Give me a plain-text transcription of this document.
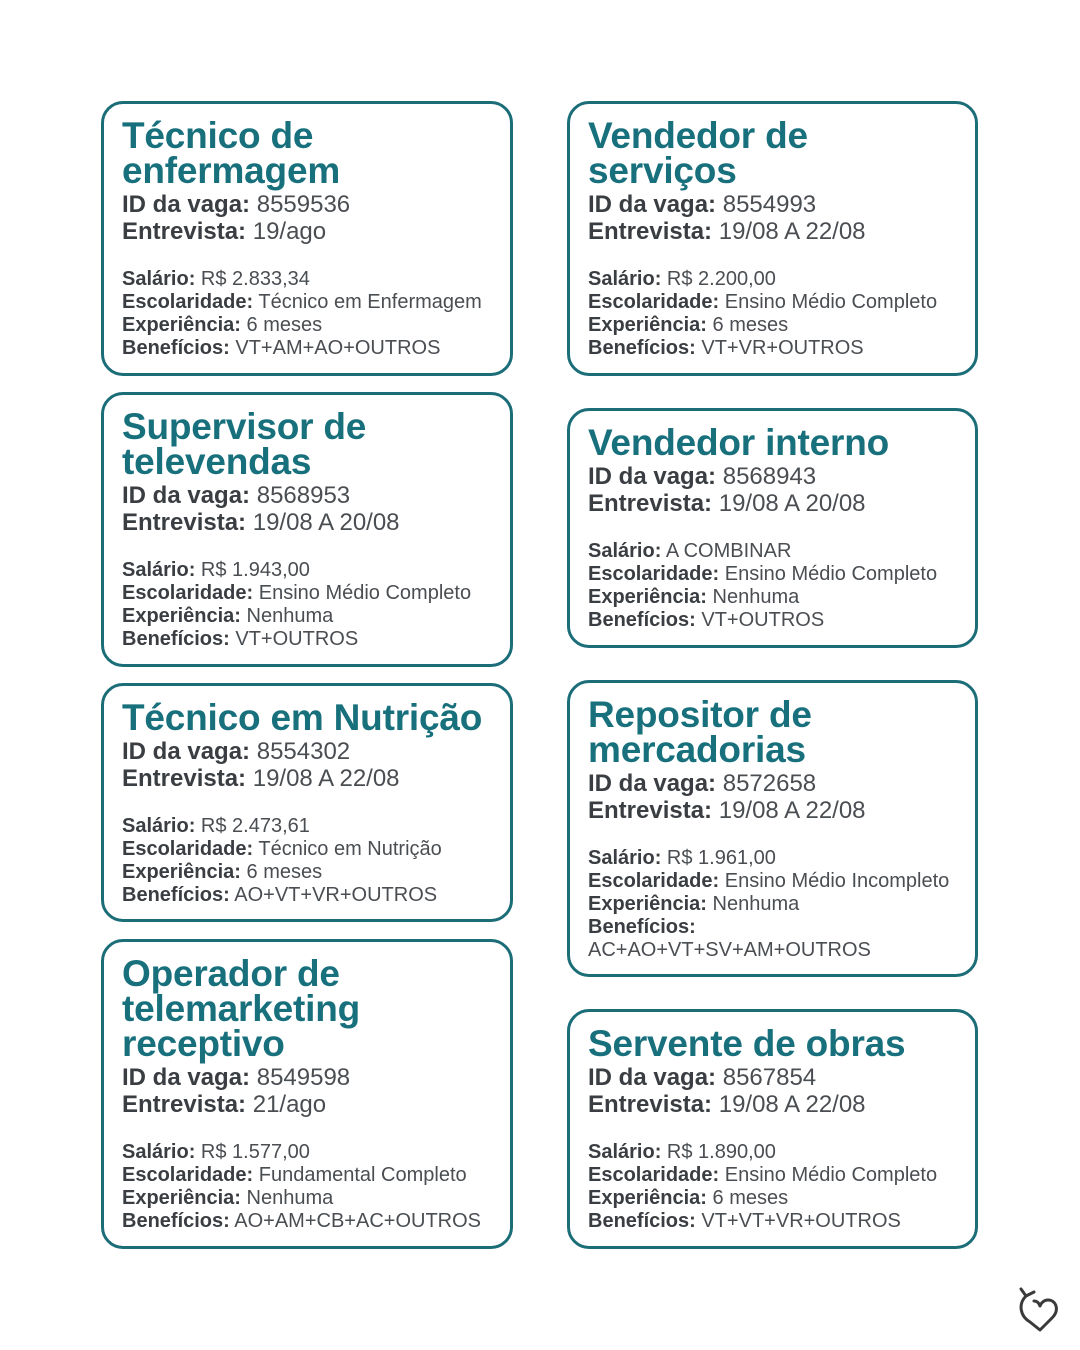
Técnico de
enfermagem
ID da vaga: 8559536
Entrevista: 19/ago
Salário: R$ 2.833,34
Escolaridade: Técnico em Enfermagem
Experiência: 6 meses
Benefícios: VT+AM+AO+OUTROS
Supervisor de
televendas
ID da vaga: 8568953
Entrevista: 19/08 A 20/08
Salário: R$ 1.943,00
Escolaridade: Ensino Médio Completo
Experiência: Nenhuma
Benefícios: VT+OUTROS
Técnico em Nutrição
ID da vaga: 8554302
Entrevista: 19/08 A 22/08
Salário: R$ 2.473,61
Escolaridade: Técnico em Nutrição
Experiência: 6 meses
Benefícios: AO+VT+VR+OUTROS
Operador de
telemarketing
receptivo
ID da vaga: 8549598
Entrevista: 21/ago
Salário: R$ 1.577,00
Escolaridade: Fundamental Completo
Experiência: Nenhuma
Benefícios: AO+AM+CB+AC+OUTROS
Vendedor de
serviços
ID da vaga: 8554993
Entrevista: 19/08 A 22/08
Salário: R$ 2.200,00
Escolaridade: Ensino Médio Completo
Experiência: 6 meses
Benefícios: VT+VR+OUTROS
Vendedor interno
ID da vaga: 8568943
Entrevista: 19/08 A 20/08
Salário: A COMBINAR
Escolaridade: Ensino Médio Completo
Experiência: Nenhuma
Benefícios: VT+OUTROS
Repositor de
mercadorias
ID da vaga: 8572658
Entrevista: 19/08 A 22/08
Salário: R$ 1.961,00
Escolaridade: Ensino Médio Incompleto
Experiência: Nenhuma
Benefícios:
AC+AO+VT+SV+AM+OUTROS
Servente de obras
ID da vaga: 8567854
Entrevista: 19/08 A 22/08
Salário: R$ 1.890,00
Escolaridade: Ensino Médio Completo
Experiência: 6 meses
Benefícios: VT+VT+VR+OUTROS
